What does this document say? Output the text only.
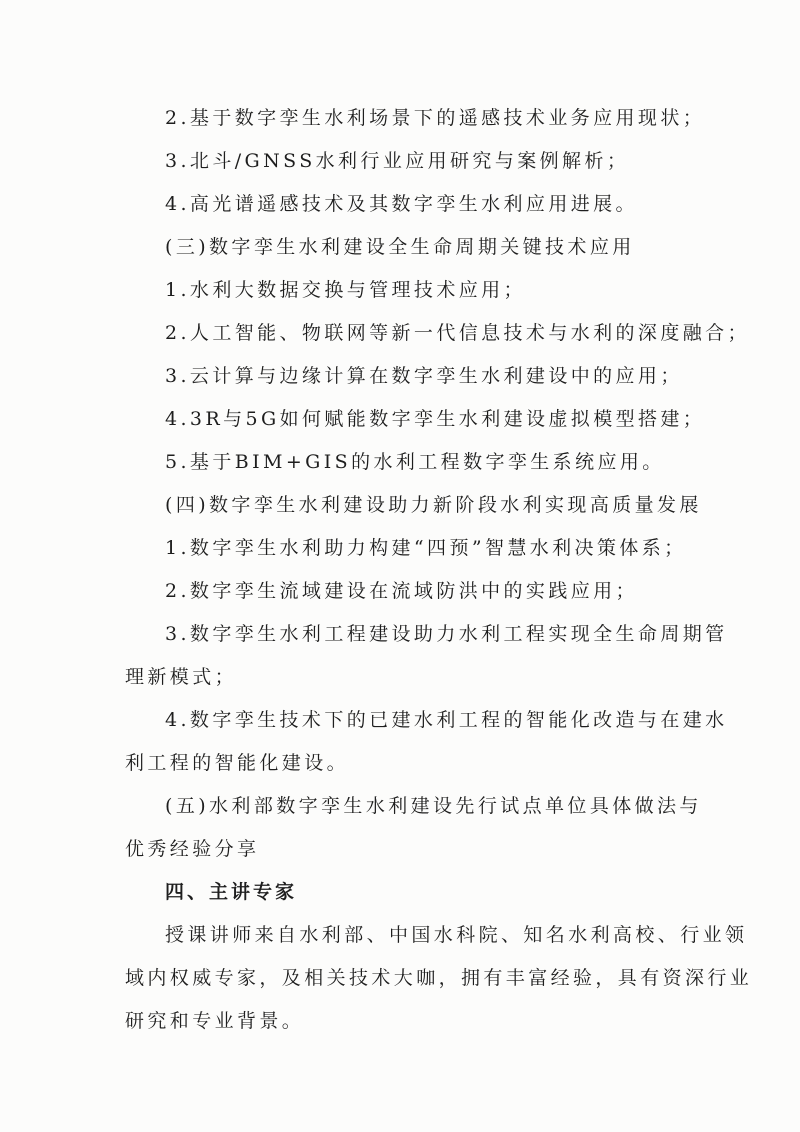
2.基于数字孪生水利场景下的遥感技术业务应用现状；
3.北斗/GNSS水利行业应用研究与案例解析；
4.高光谱遥感技术及其数字孪生水利应用进展。
(三)数字孪生水利建设全生命周期关键技术应用
1.水利大数据交换与管理技术应用；
2.人工智能、物联网等新一代信息技术与水利的深度融合；
3.云计算与边缘计算在数字孪生水利建设中的应用；
4.3R与5G如何赋能数字孪生水利建设虚拟模型搭建；
5.基于BIM+GIS的水利工程数字孪生系统应用。
(四)数字孪生水利建设助力新阶段水利实现高质量发展
1.数字孪生水利助力构建“四预”智慧水利决策体系；
2.数字孪生流域建设在流域防洪中的实践应用；
3.数字孪生水利工程建设助力水利工程实现全生命周期管
理新模式；
4.数字孪生技术下的已建水利工程的智能化改造与在建水
利工程的智能化建设。
(五)水利部数字孪生水利建设先行试点单位具体做法与
优秀经验分享
四、主讲专家
授课讲师来自水利部、中国水科院、知名水利高校、行业领
域内权威专家，及相关技术大咖，拥有丰富经验，具有资深行业
研究和专业背景。
